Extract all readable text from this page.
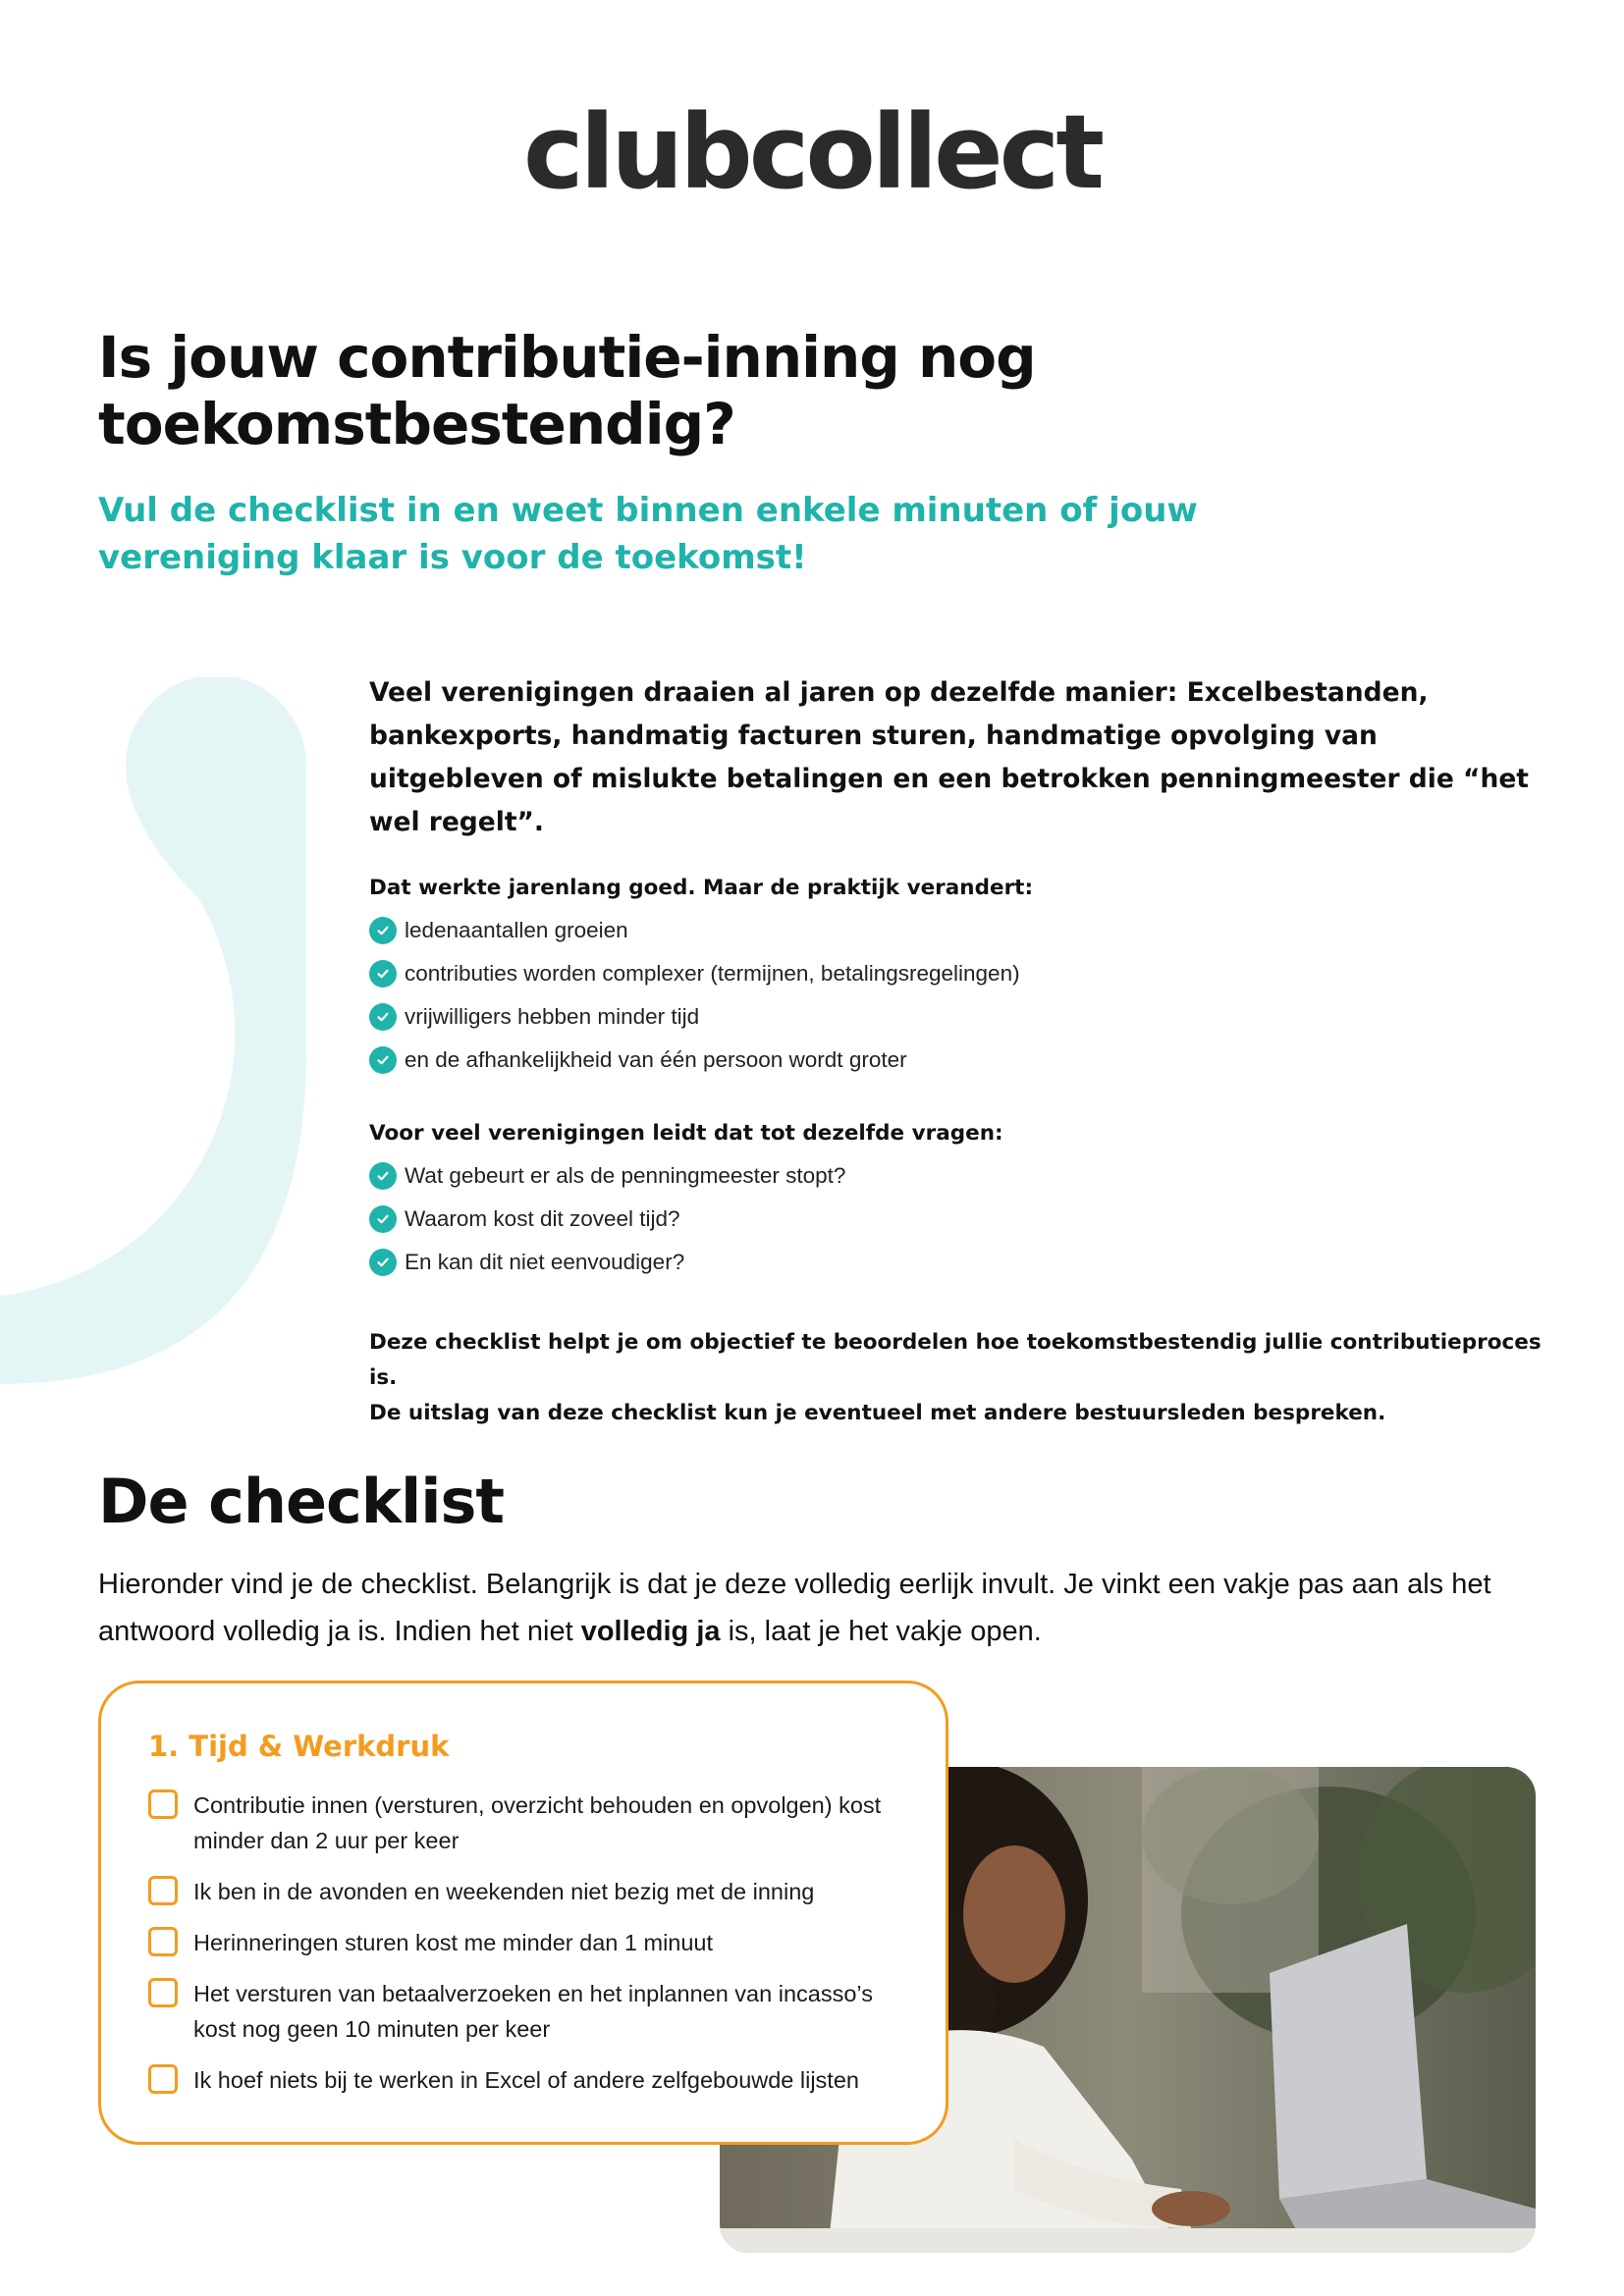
clubcollect
Is jouw contributie-inning nog toekomstbestendig?

Vul de checklist in en weet binnen enkele minuten of jouw vereniging klaar is voor de toekomst!

Veel verenigingen draaien al jaren op dezelfde manier: Excelbestanden, bankexports, handmatig facturen sturen, handmatige opvolging van uitgebleven of mislukte betalingen en een betrokken penningmeester die “het wel regelt”.

Dat werkte jarenlang goed. Maar de praktijk verandert:

ledenaantallen groeien
contributies worden complexer (termijnen, betalingsregelingen)
vrijwilligers hebben minder tijd
en de afhankelijkheid van één persoon wordt groter

Voor veel verenigingen leidt dat tot dezelfde vragen:

Wat gebeurt er als de penningmeester stopt?
Waarom kost dit zoveel tijd?
En kan dit niet eenvoudiger?

Deze checklist helpt je om objectief te beoordelen hoe toekomstbestendig jullie contributieproces is.

De uitslag van deze checklist kun je eventueel met andere bestuursleden bespreken.

De checklist

Hieronder vind je de checklist. Belangrijk is dat je deze volledig eerlijk invult. Je vinkt een vakje pas aan als het antwoord volledig ja is. Indien het niet volledig ja is, laat je het vakje open.

1. Tijd & Werkdruk
Contributie innen (versturen, overzicht behouden en opvolgen) kost minder dan 2 uur per keer
Ik ben in de avonden en weekenden niet bezig met de inning
Herinneringen sturen kost me minder dan 1 minuut
Het versturen van betaalverzoeken en het inplannen van incasso’s kost nog geen 10 minuten per keer
Ik hoef niets bij te werken in Excel of andere zelfgebouwde lijsten
